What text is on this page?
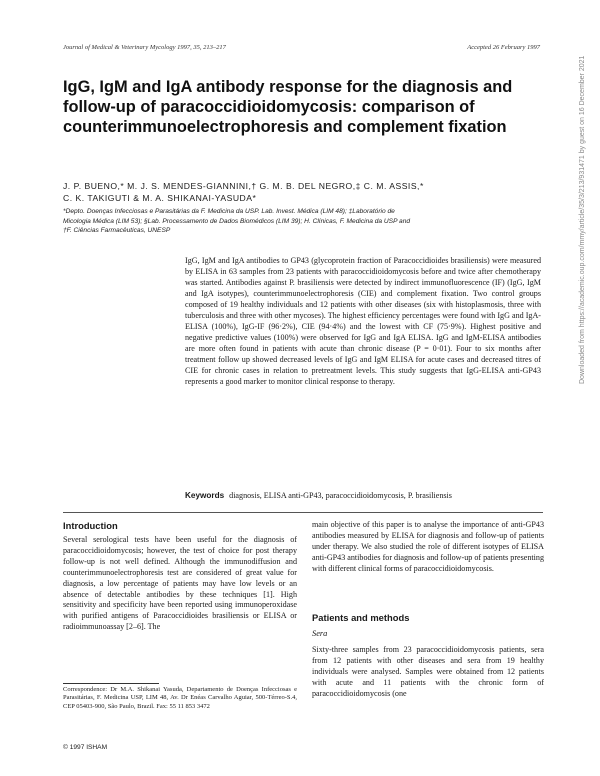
Journal of Medical & Veterinary Mycology 1997, 35, 213–217	Accepted 26 February 1997
IgG, IgM and IgA antibody response for the diagnosis and follow-up of paracoccidioidomycosis: comparison of counterimmunoelectrophoresis and complement fixation
J. P. BUENO,* M. J. S. MENDES-GIANNINI,† G. M. B. DEL NEGRO,‡ C. M. ASSIS,*
C. K. TAKIGUTI & M. A. SHIKANAI-YASUDA*
*Depto. Doenças Infecciosas e Parasitárias da F. Medicina da USP. Lab. Invest. Médica (LIM 48); ‡Laboratório de
Micologia Médica (LIM 53); §Lab. Processamento de Dados Biomédicos (LIM 39); H. Clínicas, F. Medicina da USP and
†F. Ciências Farmacêuticas, UNESP
IgG, IgM and IgA antibodies to GP43 (glycoprotein fraction of Paracoccidioides brasiliensis) were measured by ELISA in 63 samples from 23 patients with paracoccidioidomycosis before and twice after chemotherapy was started. Antibodies against P. brasiliensis were detected by indirect immunofluorescence (IF) (IgG, IgM and IgA isotypes), counterimmunoelectrophoresis (CIE) and complement fixation. Two control groups composed of 19 healthy individuals and 12 patients with other diseases (six with histoplasmosis, three with tuberculosis and three with other mycoses). The highest efficiency percentages were found with IgG and IgA-ELISA (100%), IgG-IF (96·2%), CIE (94·4%) and the lowest with CF (75·9%). Highest positive and negative predictive values (100%) were observed for IgG and IgA ELISA. IgG and IgM-ELISA antibodies are more often found in patients with acute than chronic disease (P = 0·01). Four to six months after treatment follow up showed decreased levels of IgG and IgM ELISA for acute cases and decreased titres of CIE for chronic cases in relation to pretreatment levels. This study suggests that IgG-ELISA anti-GP43 represents a good marker to monitor clinical response to therapy.
Keywords diagnosis, ELISA anti-GP43, paracoccidioidomycosis, P. brasiliensis
Introduction
Several serological tests have been useful for the diagnosis of paracoccidioidomycosis; however, the test of choice for post therapy follow-up is not well defined. Although the immunodiffusion and counterimmunoelectrophoresis test are considered of great value for diagnosis, a low percentage of patients may have low levels or an absence of detectable antibodies by these techniques [1]. High sensitivity and specificity have been reported using immunoperoxidase with purified antigens of Paracoccidioides brasiliensis or ELISA or radioimmunoassay [2–6]. The
Correspondence: Dr M.A. Shikanai Yasuda, Departamento de Doenças Infecciosas e Parasitárias, F. Medicina USP, LIM 48, Av. Dr Enéas Carvalho Aguiar, 500-Térreo-S.4, CEP 05403-900, São Paulo, Brazil. Fax: 55 11 853 3472
© 1997 ISHAM
main objective of this paper is to analyse the importance of anti-GP43 antibodies measured by ELISA for diagnosis and follow-up of patients under therapy. We also studied the role of different isotypes of ELISA anti-GP43 antibodies for diagnosis and follow-up of patients presenting with different clinical forms of paracoccidioidomycosis.
Patients and methods
Sera
Sixty-three samples from 23 paracoccidioidomycosis patients, sera from 12 patients with other diseases and sera from 19 healthy individuals were analysed. Samples were obtained from 12 patients with acute and 11 patients with the chronic form of paracoccidioidomycosis (one
Downloaded from https://academic.oup.com/mmy/article/35/3/213/931471 by guest on 16 December 2021
